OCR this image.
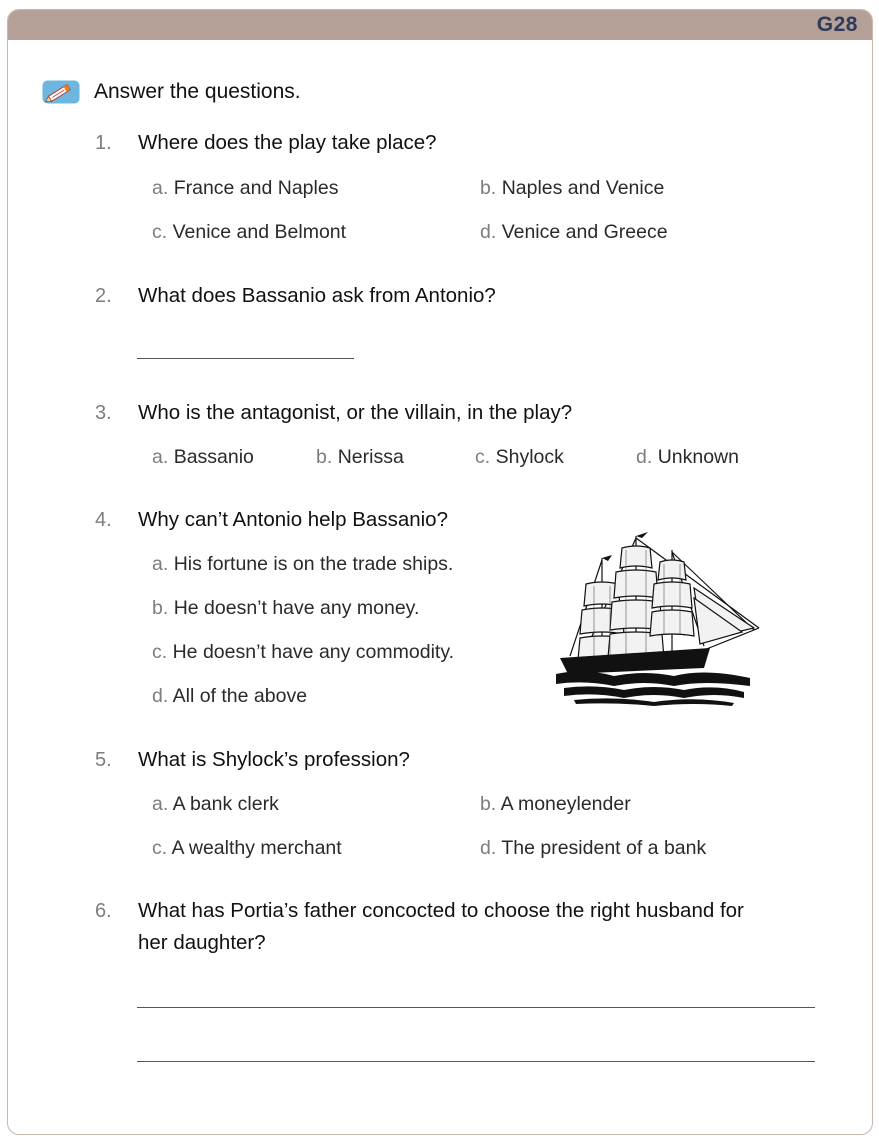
G28
Answer the questions.
1. Where does the play take place?
a. France and Naples	b. Naples and Venice
c. Venice and Belmont	d. Venice and Greece
2. What does Bassanio ask from Antonio?
3. Who is the antagonist, or the villain, in the play?
a. Bassanio	b. Nerissa	c. Shylock	d. Unknown
4. Why can’t Antonio help Bassanio?
a. His fortune is on the trade ships.
b. He doesn’t have any money.
c. He doesn’t have any commodity.
d. All of the above
5. What is Shylock’s profession?
a. A bank clerk	b. A moneylender
c. A wealthy merchant	d. The president of a bank
6. What has Portia’s father concocted to choose the right husband for
her daughter?
